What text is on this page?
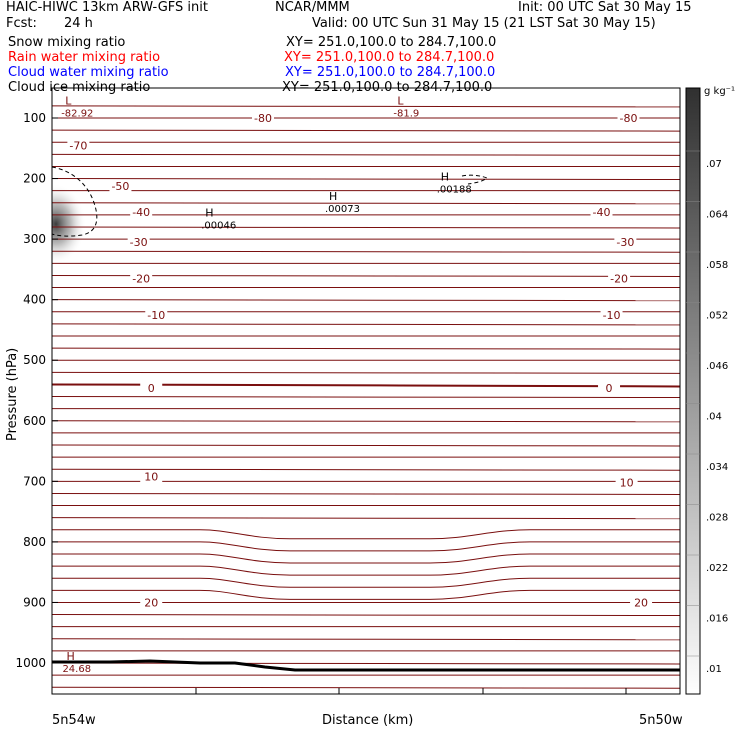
HAIC-HIWC 13km ARW-GFS init	NCAR/MMM	Init: 00 UTC Sat 30 May 15
Fcst: 24 h	Valid: 00 UTC Sun 31 May 15 (21 LST Sat 30 May 15)
Snow mixing ratio	XY= 251.0,100.0 to 284.7,100.0
Rain water mixing ratio	XY= 251.0,100.0 to 284.7,100.0
Cloud water mixing ratio	XY= 251.0,100.0 to 284.7,100.0
Cloud ice mixing ratio	XY= 251.0,100.0 to 284.7,100.0
-80	-80
-70
-50
-40	-40
-30	-30
-20	-20
-10	-10
0	0
10	10
20	20
L
-82.92
L
-81.9
H
.00046
H
.00073
H
.00188
H
24.68
100
200
300
400
500
600
700
800
900
1000
5n54w	5n50w
Distance (km)
Pressure (hPa)
.01
.016
.022
.028
.034
.04
.046
.052
.058
.064
.07
g kg⁻¹
